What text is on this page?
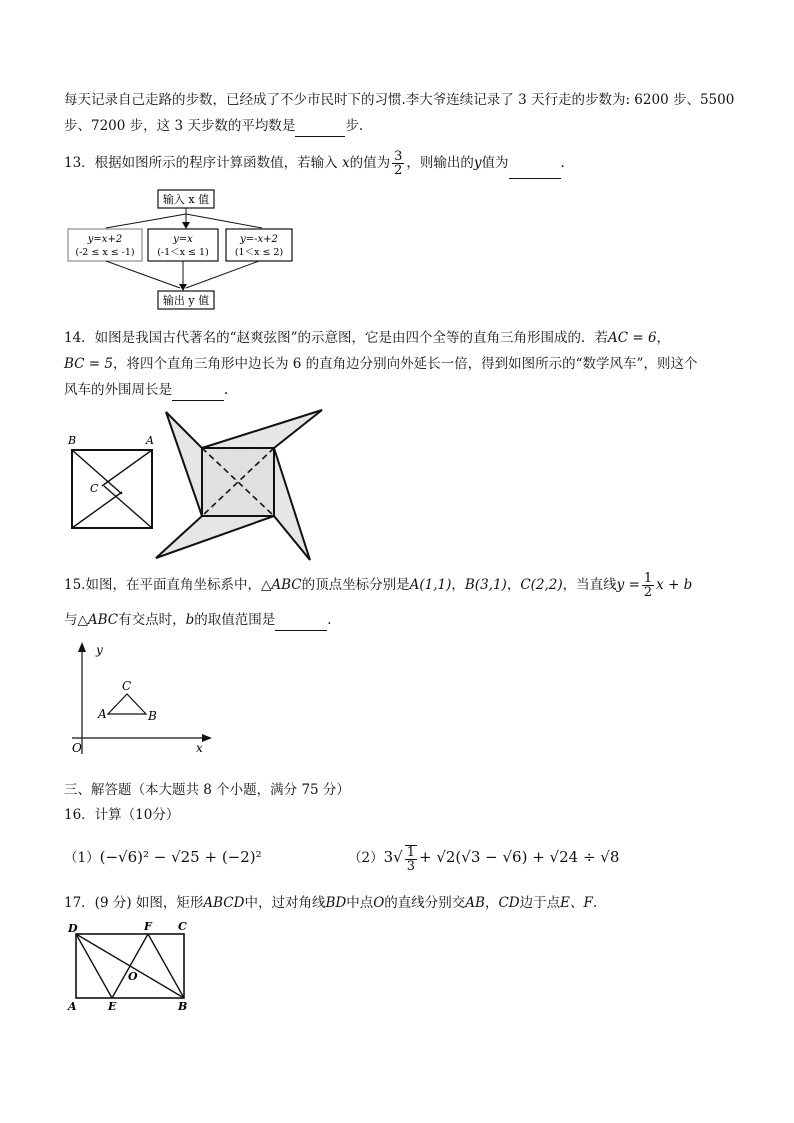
每天记录自己走路的步数，已经成了不少市民时下的习惯.李大爷连续记录了 3 天行走的步数为: 6200 步、5500
步、7200 步，这 3 天步数的平均数是	步.
13．根据如图所示的程序计算函数值，若输入 x的值为 $\frac{3}{2}$ ，则输出的y值为	.
输入 x 值
y=x+2
(-2 ≤ x ≤ -1)
y=x
(-1＜x ≤ 1)
y=-x+2
(1＜x ≤ 2)
输出 y 值
14．如图是我国古代著名的“赵爽弦图”的示意图，它是由四个全等的直角三角形围成的．若AC = 6，
BC = 5，将四个直角三角形中边长为 6 的直角边分别向外延长一倍，得到如图所示的“数学风车”，则这个
风车的外围周长是	.
B	A
C
15.如图，在平面直角坐标系中，△ABC的顶点坐标分别是A(1,1)，B(3,1)，C(2,2)，当直线$y = \frac{1}{2}$ x + b
与△ABC有交点时，b的取值范围是	.
y
x
O
A	B
C
三、解答题（本大题共 8 个小题，满分 75 分）
16．计算（10分）
（1）(−√6)² − √25 + (−2)²	$(2)3√ \frac{1}{3} + √2(√3 - √6) + √24 \div √8$
17．(9 分) 如图，矩形ABCD中，过对角线BD中点O的直线分别交AB，CD边于点E、F.
D	F C
O
A	E	B
